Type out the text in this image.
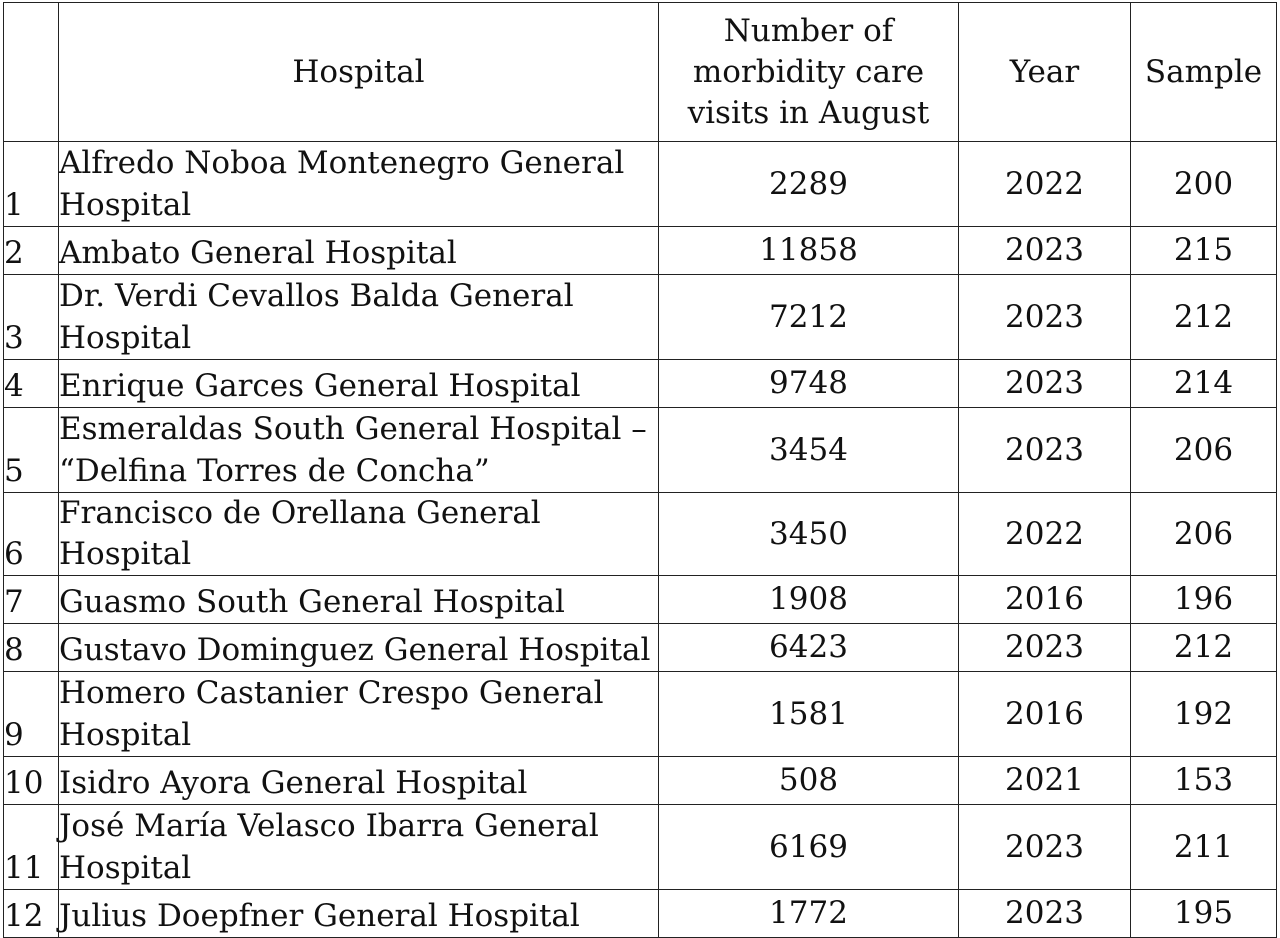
	Hospital	Number of morbidity care visits in August	Year	Sample
1	Alfredo Noboa Montenegro General Hospital	2289	2022	200
2	Ambato General Hospital	11858	2023	215
3	Dr. Verdi Cevallos Balda General Hospital	7212	2023	212
4	Enrique Garces General Hospital	9748	2023	214
5	Esmeraldas South General Hospital – “Delfina Torres de Concha”	3454	2023	206
6	Francisco de Orellana General Hospital	3450	2022	206
7	Guasmo South General Hospital	1908	2016	196
8	Gustavo Dominguez General Hospital	6423	2023	212
9	Homero Castanier Crespo General Hospital	1581	2016	192
10	Isidro Ayora General Hospital	508	2021	153
11	José María Velasco Ibarra General Hospital	6169	2023	211
12	Julius Doepfner General Hospital	1772	2023	195
